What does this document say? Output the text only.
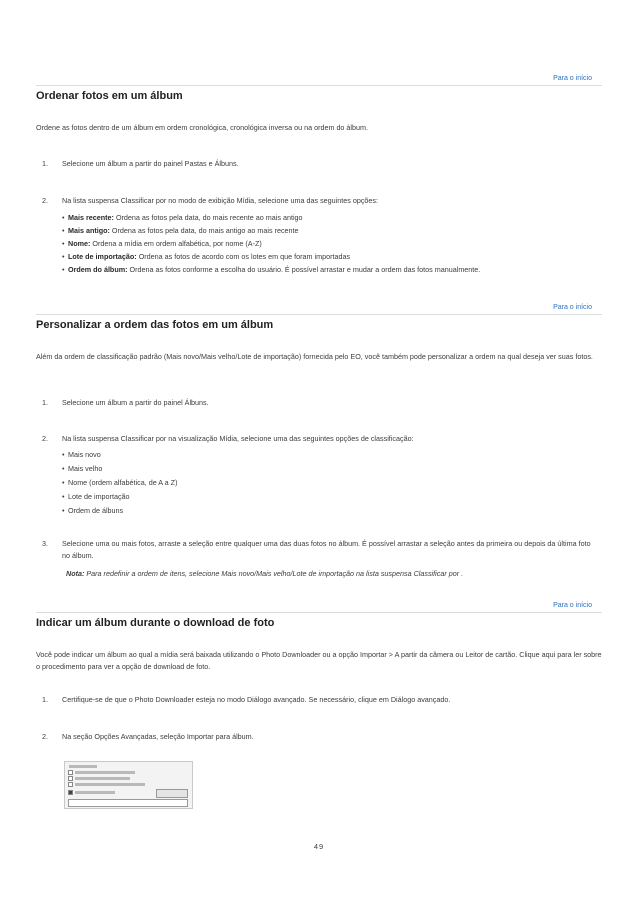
Para o início
Ordenar fotos em um álbum
Ordene as fotos dentro de um álbum em ordem cronológica, cronológica inversa ou na ordem do álbum.
1. Selecione um álbum a partir do painel Pastas e Álbuns.
2. Na lista suspensa Classificar por no modo de exibição Mídia, selecione uma das seguintes opções:
• Mais recente: Ordena as fotos pela data, do mais recente ao mais antigo
• Mais antigo: Ordena as fotos pela data, do mais antigo ao mais recente
• Nome: Ordena a mídia em ordem alfabética, por nome (A-Z)
• Lote de importação: Ordena as fotos de acordo com os lotes em que foram importadas
• Ordem do álbum: Ordena as fotos conforme a escolha do usuário. É possível arrastar e mudar a ordem das fotos manualmente.
Para o início
Personalizar a ordem das fotos em um álbum
Além da ordem de classificação padrão (Mais novo/Mais velho/Lote de importação) fornecida pelo EO, você também pode personalizar a ordem na qual deseja ver suas fotos.
1. Selecione um álbum a partir do painel Álbuns.
2. Na lista suspensa Classificar por na visualização Mídia, selecione uma das seguintes opções de classificação:
• Mais novo
• Mais velho
• Nome (ordem alfabética, de A a Z)
• Lote de importação
• Ordem de álbuns
3. Selecione uma ou mais fotos, arraste a seleção entre qualquer uma das duas fotos no álbum. É possível arrastar a seleção antes da primeira ou depois da última foto no álbum.
Nota: Para redefinir a ordem de itens, selecione Mais novo/Mais velho/Lote de importação na lista suspensa Classificar por .
Para o início
Indicar um álbum durante o download de foto
Você pode indicar um álbum ao qual a mídia será baixada utilizando o Photo Downloader ou a opção Importar > A partir da câmera ou Leitor de cartão. Clique aqui para ler sobre o procedimento para ver a opção de download de foto.
1. Certifique-se de que o Photo Downloader esteja no modo Diálogo avançado. Se necessário, clique em Diálogo avançado.
2. Na seção Opções Avançadas, seleção Importar para álbum.
49
